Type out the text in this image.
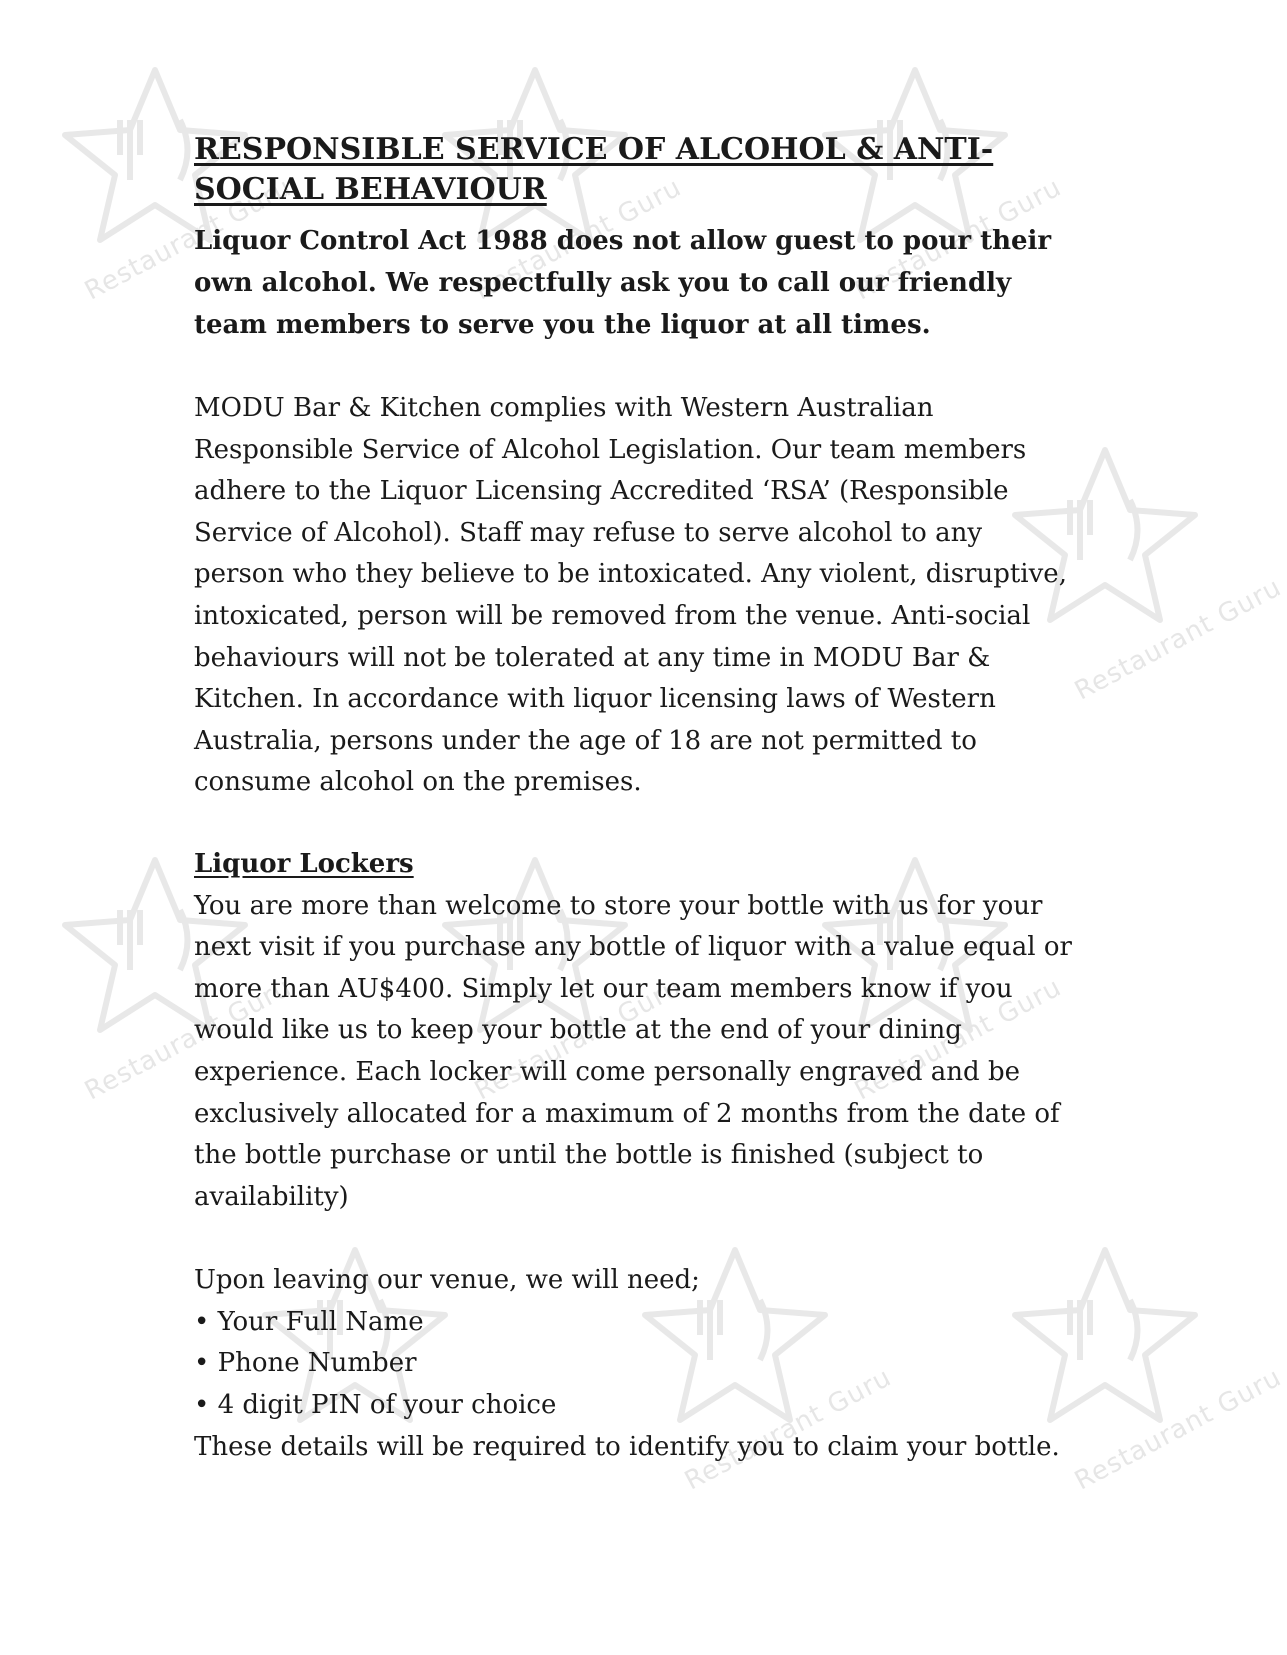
Restaurant Guru	Restaurant Guru	Restaurant Guru
Restaurant Guru
Restaurant Guru	Restaurant Guru	Restaurant Guru
Restaurant Guru	Restaurant Guru
RESPONSIBLE SERVICE OF ALCOHOL & ANTI-SOCIAL BEHAVIOUR

Liquor Control Act 1988 does not allow guest to pour their own alcohol. We respectfully ask you to call our friendly team members to serve you the liquor at all times.

MODU Bar & Kitchen complies with Western Australian Responsible Service of Alcohol Legislation. Our team members adhere to the Liquor Licensing Accredited ‘RSA’ (Responsible Service of Alcohol). Staff may refuse to serve alcohol to any person who they believe to be intoxicated. Any violent, disruptive, intoxicated, person will be removed from the venue. Anti-social behaviours will not be tolerated at any time in MODU Bar & Kitchen. In accordance with liquor licensing laws of Western Australia, persons under the age of 18 are not permitted to consume alcohol on the premises.

Liquor Lockers

You are more than welcome to store your bottle with us for your next visit if you purchase any bottle of liquor with a value equal or more than AU$400. Simply let our team members know if you would like us to keep your bottle at the end of your dining experience. Each locker will come personally engraved and be exclusively allocated for a maximum of 2 months from the date of the bottle purchase or until the bottle is finished (subject to availability)

Upon leaving our venue, we will need;

• Your Full Name
• Phone Number
• 4 digit PIN of your choice

These details will be required to identify you to claim your bottle.
